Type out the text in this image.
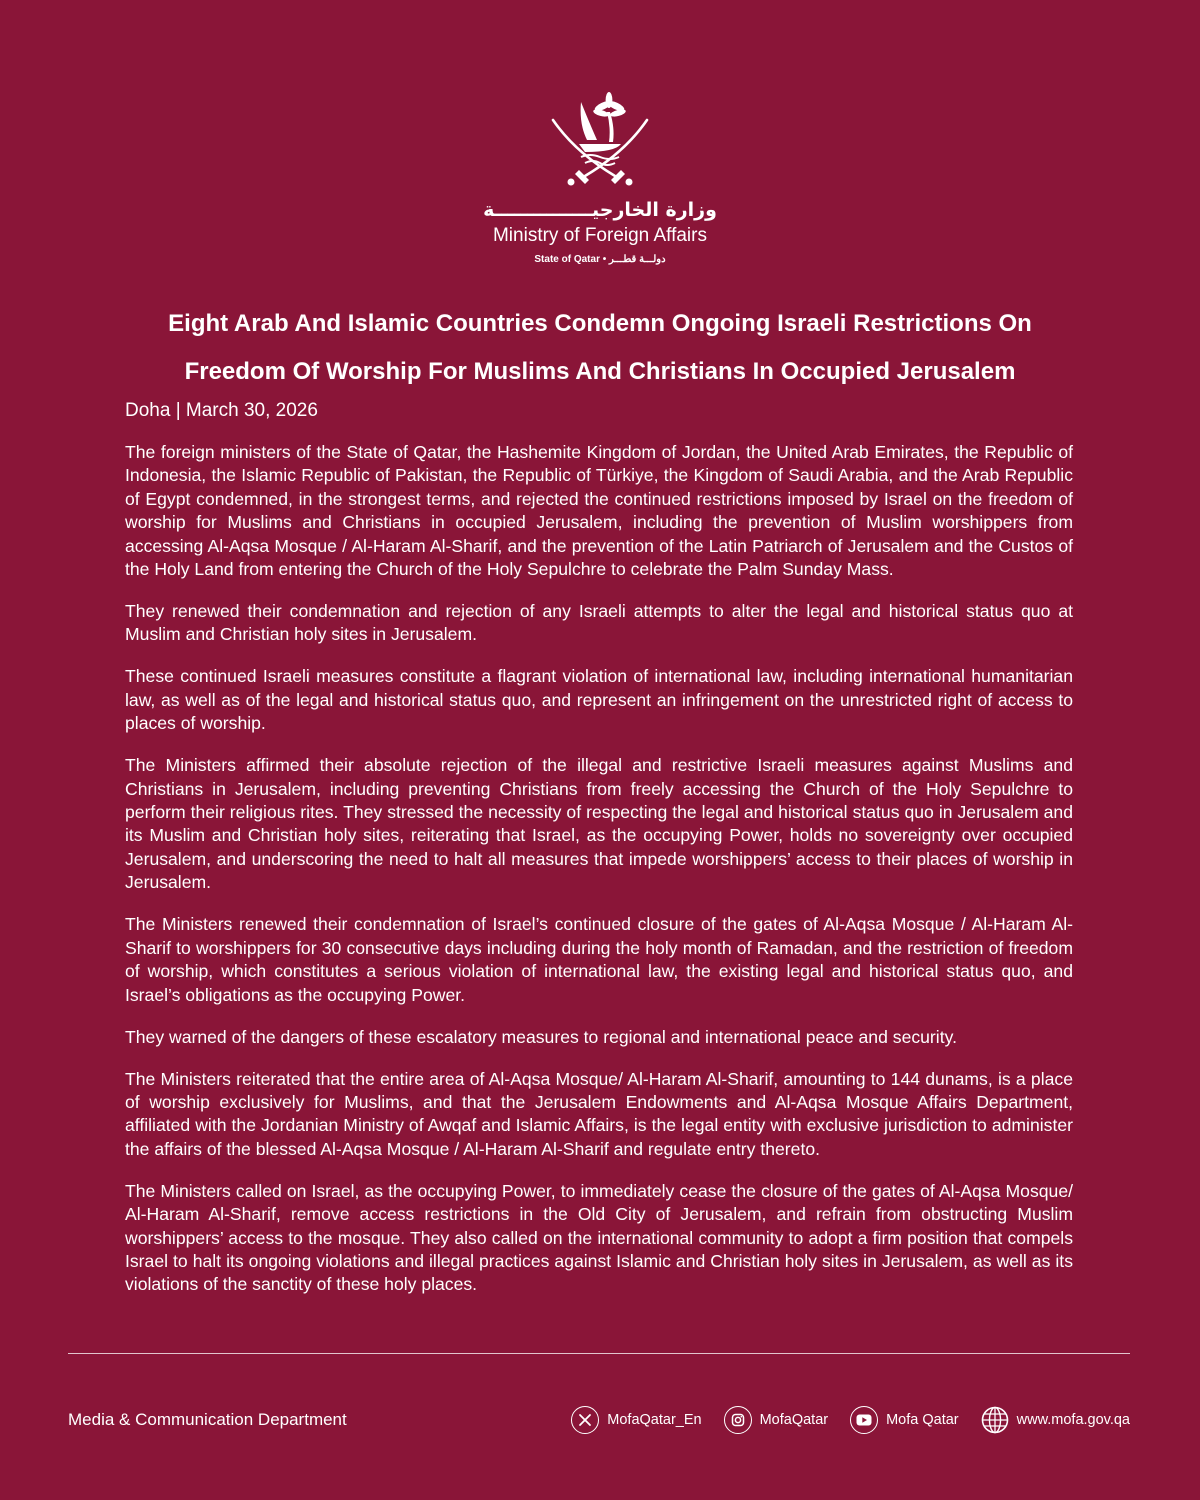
وزارة الخارجيـــــــــــــــة
Ministry of Foreign Affairs
State of Qatar • دولـــة قطـــر
Eight Arab And Islamic Countries Condemn Ongoing Israeli Restrictions On
Freedom Of Worship For Muslims And Christians In Occupied Jerusalem
Doha | March 30, 2026

The foreign ministers of the State of Qatar, the Hashemite Kingdom of Jordan, the United Arab Emirates, the Republic of Indonesia, the Islamic Republic of Pakistan, the Republic of Türkiye, the Kingdom of Saudi Arabia, and the Arab Republic of Egypt condemned, in the strongest terms, and rejected the continued restrictions imposed by Israel on the freedom of worship for Muslims and Christians in occupied Jerusalem, including the prevention of Muslim worshippers from accessing Al-Aqsa Mosque / Al-Haram Al-Sharif, and the prevention of the Latin Patriarch of Jerusalem and the Custos of the Holy Land from entering the Church of the Holy Sepulchre to celebrate the Palm Sunday Mass.

They renewed their condemnation and rejection of any Israeli attempts to alter the legal and historical status quo at Muslim and Christian holy sites in Jerusalem.

These continued Israeli measures constitute a flagrant violation of international law, including international humanitarian law, as well as of the legal and historical status quo, and represent an infringement on the unrestricted right of access to places of worship.

The Ministers affirmed their absolute rejection of the illegal and restrictive Israeli measures against Muslims and Christians in Jerusalem, including preventing Christians from freely accessing the Church of the Holy Sepulchre to perform their religious rites. They stressed the necessity of respecting the legal and historical status quo in Jerusalem and its Muslim and Christian holy sites, reiterating that Israel, as the occupying Power, holds no sovereignty over occupied Jerusalem, and underscoring the need to halt all measures that impede worshippers’ access to their places of worship in Jerusalem.

The Ministers renewed their condemnation of Israel’s continued closure of the gates of Al-Aqsa Mosque / Al-Haram Al-Sharif to worshippers for 30 consecutive days including during the holy month of Ramadan, and the restriction of freedom of worship, which constitutes a serious violation of international law, the existing legal and historical status quo, and Israel’s obligations as the occupying Power.

They warned of the dangers of these escalatory measures to regional and international peace and security.

The Ministers reiterated that the entire area of Al-Aqsa Mosque/ Al-Haram Al-Sharif, amounting to 144 dunams, is a place of worship exclusively for Muslims, and that the Jerusalem Endowments and Al-Aqsa Mosque Affairs Department, affiliated with the Jordanian Ministry of Awqaf and Islamic Affairs, is the legal entity with exclusive jurisdiction to administer the affairs of the blessed Al-Aqsa Mosque / Al-Haram Al-Sharif and regulate entry thereto.

The Ministers called on Israel, as the occupying Power, to immediately cease the closure of the gates of Al-Aqsa Mosque/ Al-Haram Al-Sharif, remove access restrictions in the Old City of Jerusalem, and refrain from obstructing Muslim worshippers’ access to the mosque. They also called on the international community to adopt a firm position that compels Israel to halt its ongoing violations and illegal practices against Islamic and Christian holy sites in Jerusalem, as well as its violations of the sanctity of these holy places.

Media & Communication Department	MofaQatar_En	MofaQatar	Mofa Qatar	www.mofa.gov.qa
